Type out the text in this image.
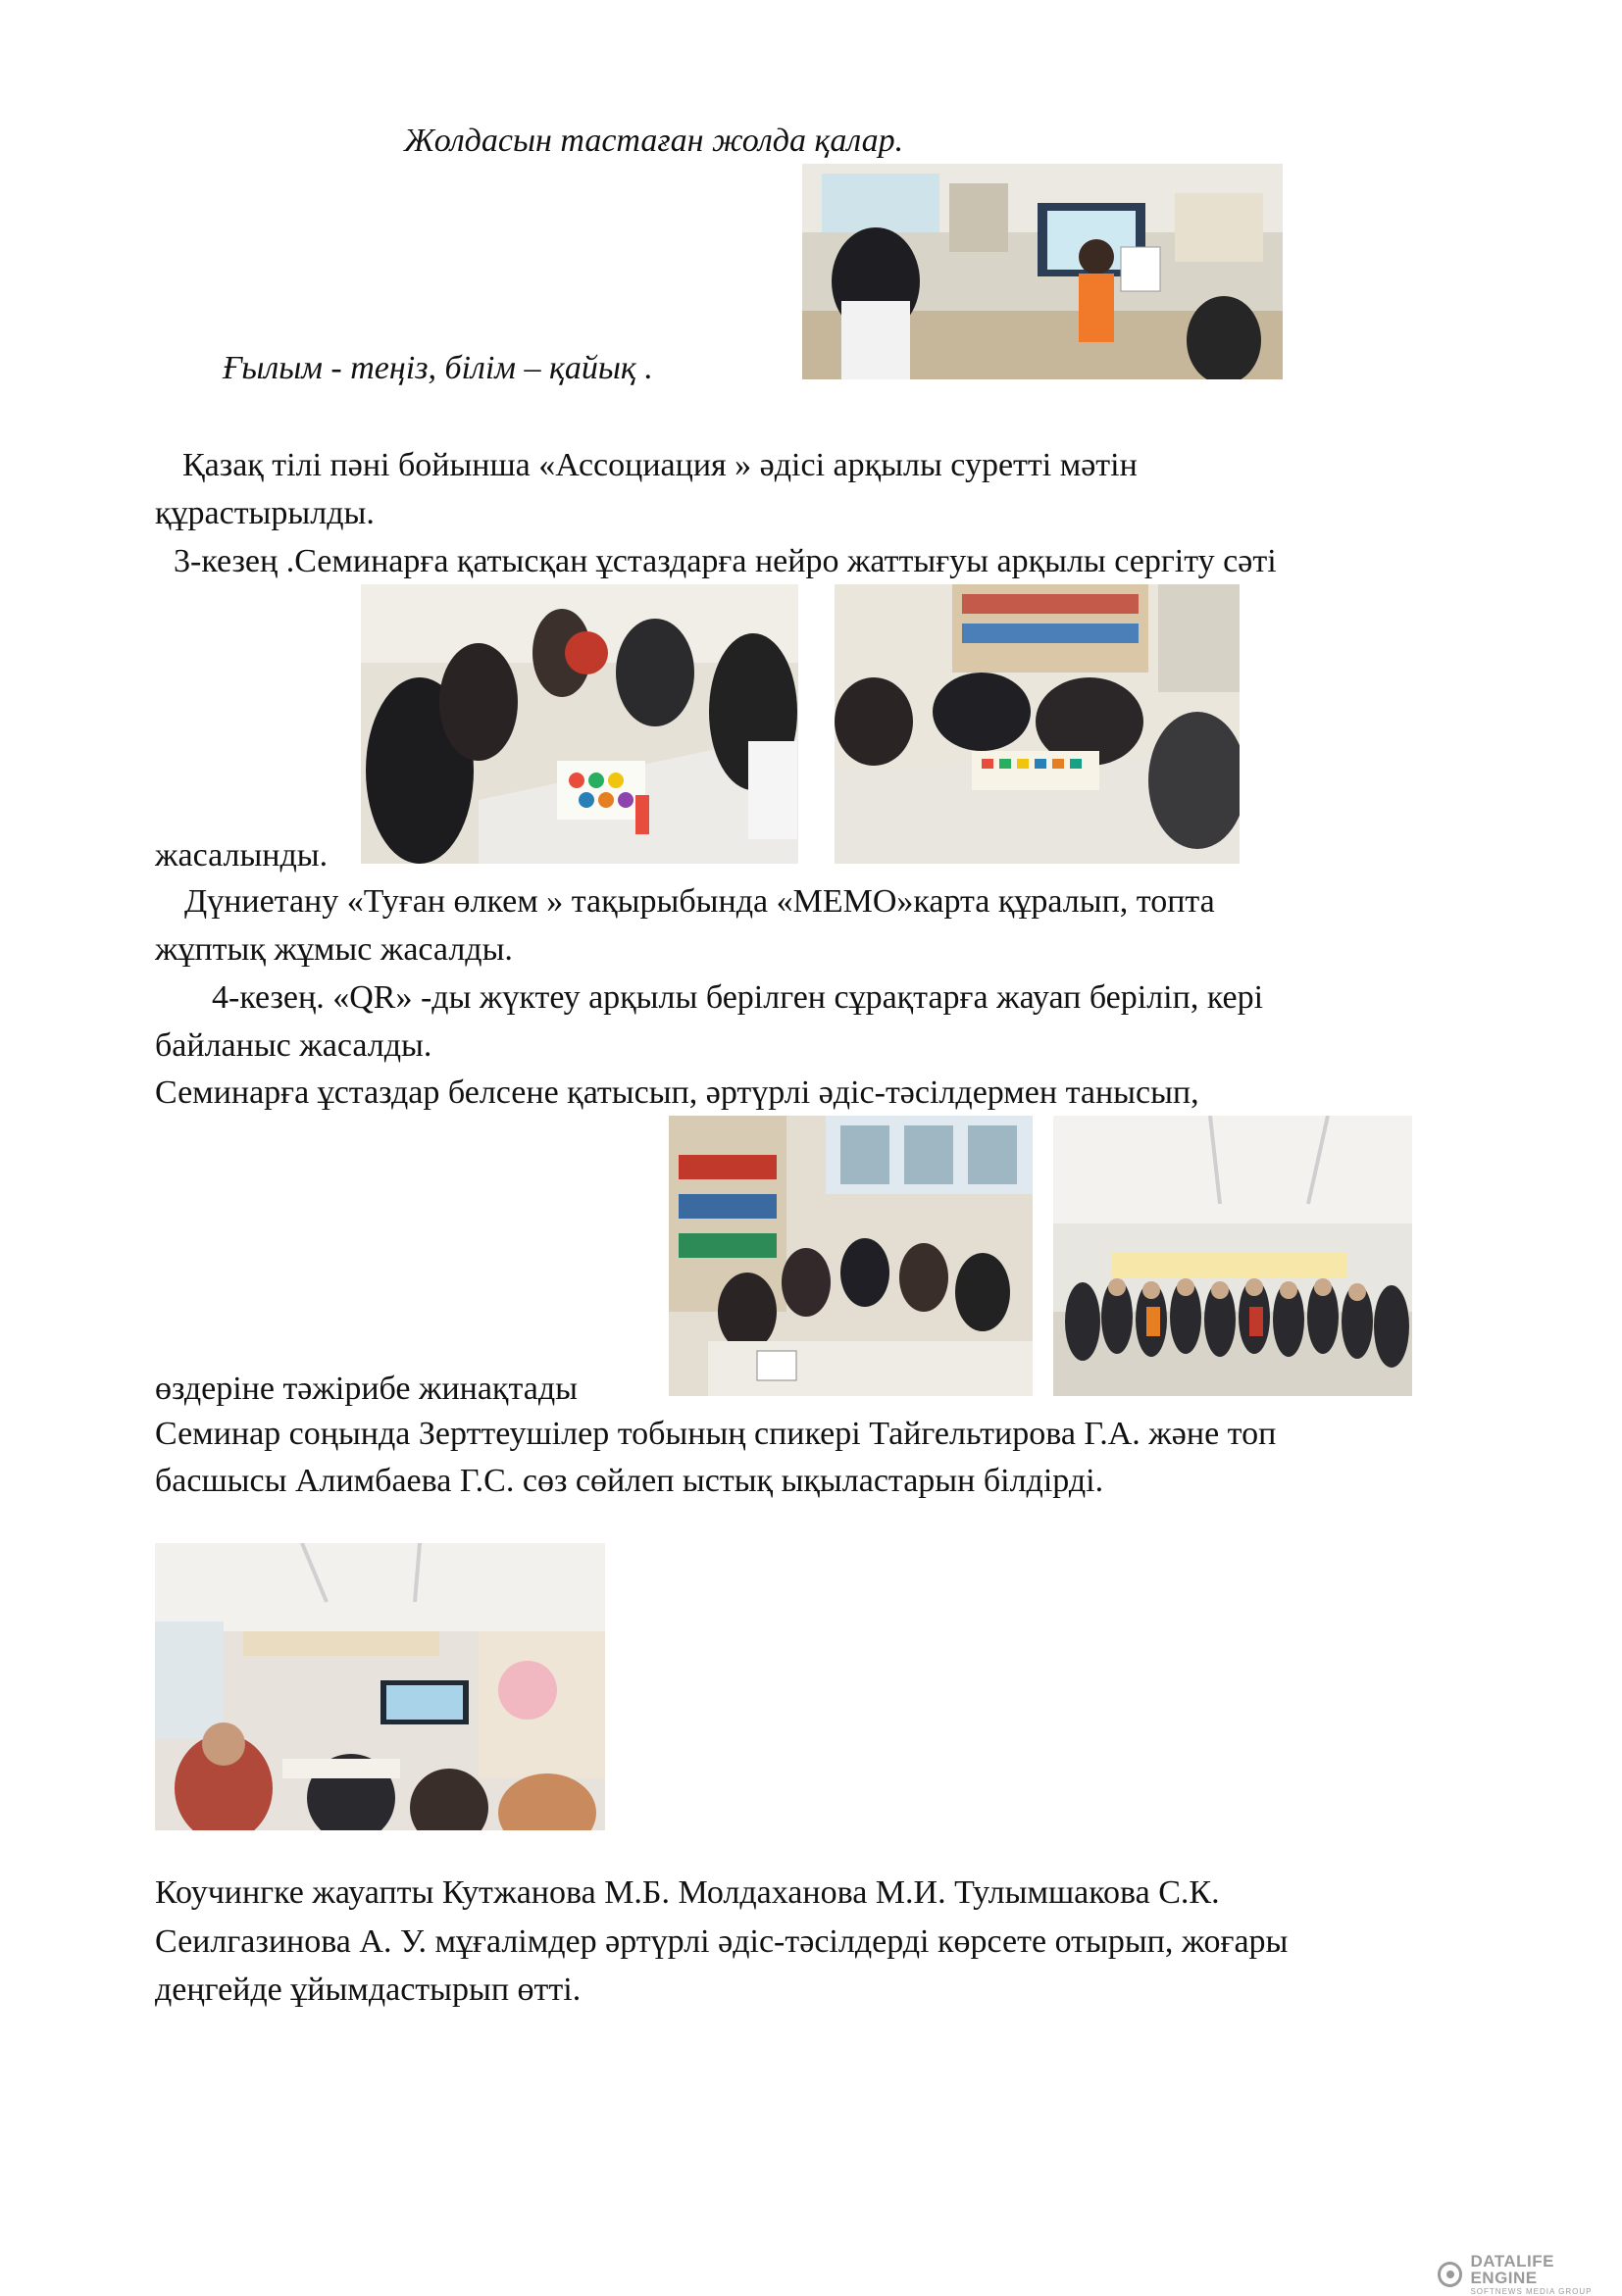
Жолдасын тастаған жолда қалар.
Ғылым - теңіз, білім – қайық .
Қазақ тілі пәні бойынша «Ассоциация » әдісі арқылы суретті мәтін
құрастырылды.
3-кезең .Семинарға қатысқан ұстаздарға нейро жаттығуы арқылы сергіту сәті
жасалынды.
Дүниетану «Туған өлкем » тақырыбында «МЕМО»карта құралып, топта
жұптық жұмыс жасалды.
4-кезең. «QR» -ды жүктеу арқылы берілген сұрақтарға жауап беріліп, кері
байланыс жасалды.
Семинарға ұстаздар белсене қатысып, әртүрлі әдіс-тәсілдермен танысып,
өздеріне тәжірибе жинақтады
Семинар соңында Зерттеушілер тобының спикері Тайгельтирова Г.А. және топ
басшысы Алимбаева Г.С. сөз сөйлеп ыстық ықыластарын білдірді.
Коучингке жауапты Кутжанова М.Б. Молдаханова М.И. Тулымшакова С.К.
Сеилгазинова А. У. мұғалімдер әртүрлі әдіс-тәсілдерді көрсете отырып, жоғары
деңгейде ұйымдастырып өтті.
DATALIFE ENGINE
SOFTNEWS MEDIA GROUP
